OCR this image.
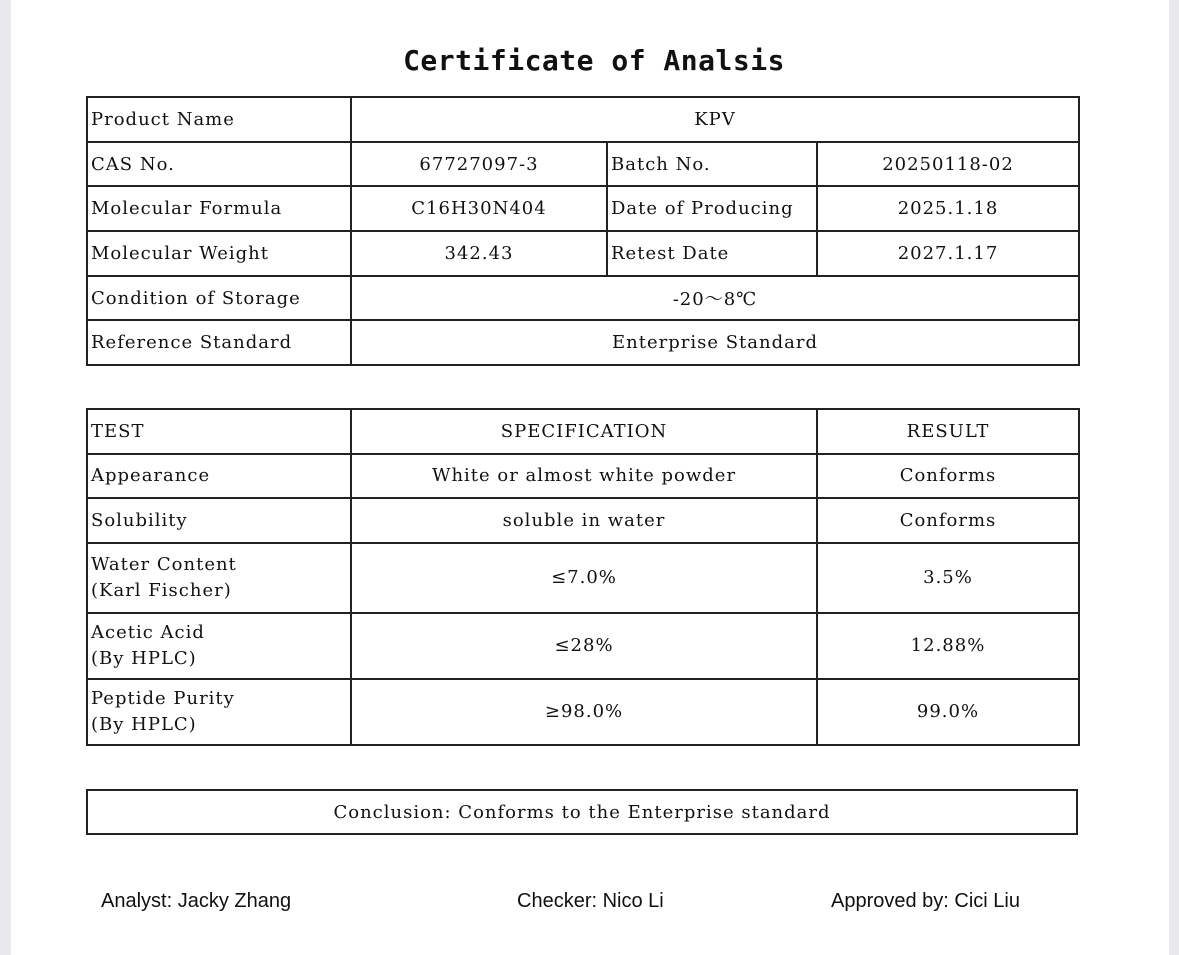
Certificate of Analsis
Product Name	KPV		
CAS No.	67727097-3	Batch No.	20250118-02
Molecular Formula	C16H30N404	Date of Producing	2025.1.18
Molecular Weight	342.43	Retest Date	2027.1.17
Condition of Storage	-20～8℃		
Reference Standard	Enterprise Standard		
TEST	SPECIFICATION	RESULT
Appearance	White or almost white powder	Conforms
Solubility	soluble in water	Conforms

Water Content
(Karl Fischer)	≤7.0%	3.5%

Acetic Acid
(By HPLC)	≤28%	12.88%

Peptide Purity
(By HPLC)	≥98.0%	99.0%
Conclusion: Conforms to the Enterprise standard
Analyst: Jacky Zhang	Checker: Nico Li	Approved by: Cici Liu
